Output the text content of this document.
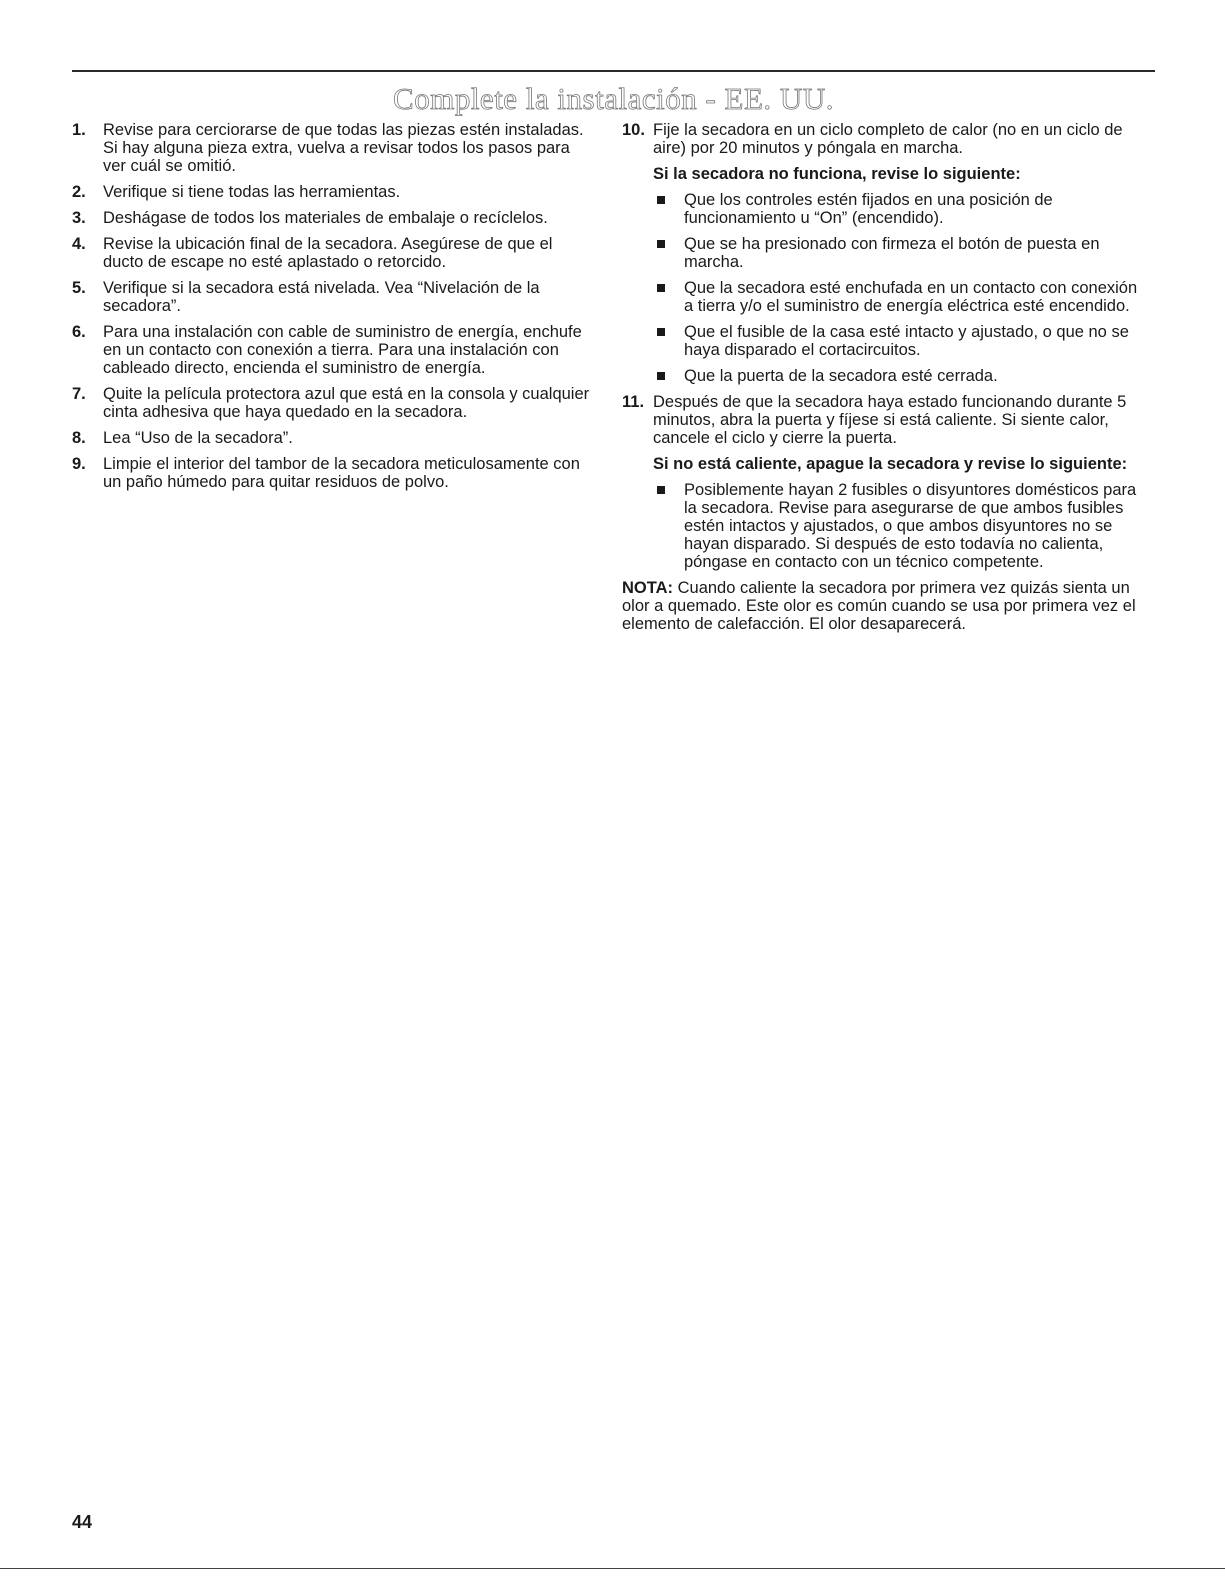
Complete la instalación - EE. UU.
1. Revise para cerciorarse de que todas las piezas estén instaladas. Si hay alguna pieza extra, vuelva a revisar todos los pasos para ver cuál se omitió.
2. Verifique si tiene todas las herramientas.
3. Deshágase de todos los materiales de embalaje o recíclelos.
4. Revise la ubicación final de la secadora. Asegúrese de que el ducto de escape no esté aplastado o retorcido.
5. Verifique si la secadora está nivelada. Vea “Nivelación de la secadora”.
6. Para una instalación con cable de suministro de energía, enchufe en un contacto con conexión a tierra. Para una instalación con cableado directo, encienda el suministro de energía.
7. Quite la película protectora azul que está en la consola y cualquier cinta adhesiva que haya quedado en la secadora.
8. Lea “Uso de la secadora”.
9. Limpie el interior del tambor de la secadora meticulosamente con un paño húmedo para quitar residuos de polvo.
10. Fije la secadora en un ciclo completo de calor (no en un ciclo de aire) por 20 minutos y póngala en marcha.
Si la secadora no funciona, revise lo siguiente:
Que los controles estén fijados en una posición de funcionamiento u “On” (encendido).
Que se ha presionado con firmeza el botón de puesta en marcha.
Que la secadora esté enchufada en un contacto con conexión a tierra y/o el suministro de energía eléctrica esté encendido.
Que el fusible de la casa esté intacto y ajustado, o que no se haya disparado el cortacircuitos.
Que la puerta de la secadora esté cerrada.
11. Después de que la secadora haya estado funcionando durante 5 minutos, abra la puerta y fíjese si está caliente. Si siente calor, cancele el ciclo y cierre la puerta.
Si no está caliente, apague la secadora y revise lo siguiente:
Posiblemente hayan 2 fusibles o disyuntores domésticos para la secadora. Revise para asegurarse de que ambos fusibles estén intactos y ajustados, o que ambos disyuntores no se hayan disparado. Si después de esto todavía no calienta, póngase en contacto con un técnico competente.
NOTA: Cuando caliente la secadora por primera vez quizás sienta un olor a quemado. Este olor es común cuando se usa por primera vez el elemento de calefacción. El olor desaparecerá.
44
